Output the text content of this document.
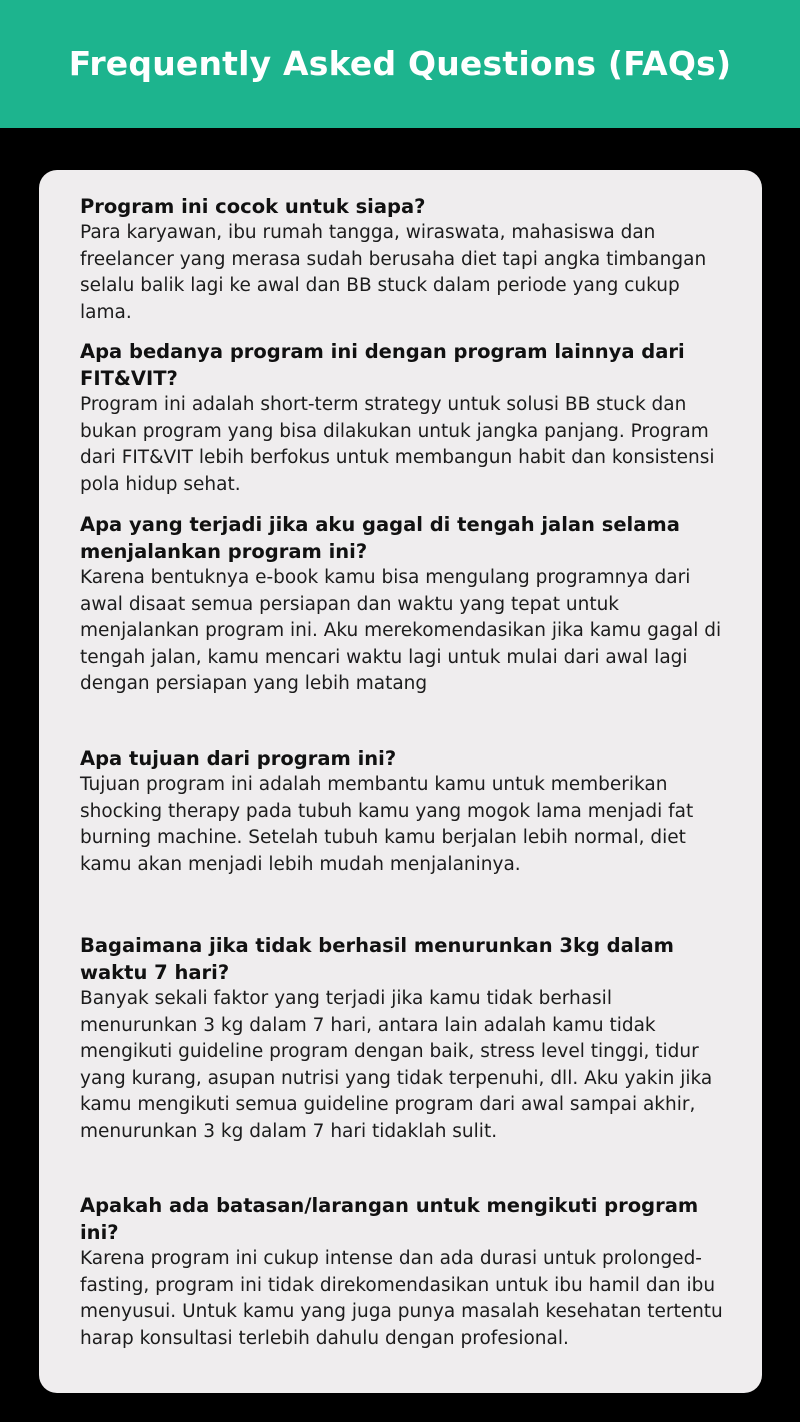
Frequently Asked Questions (FAQs)

Program ini cocok untuk siapa?

Para karyawan, ibu rumah tangga, wiraswata, mahasiswa dan freelancer yang merasa sudah berusaha diet tapi angka timbangan selalu balik lagi ke awal dan BB stuck dalam periode yang cukup lama.

Apa bedanya program ini dengan program lainnya dari FIT&VIT?

Program ini adalah short-term strategy untuk solusi BB stuck dan bukan program yang bisa dilakukan untuk jangka panjang. Program dari FIT&VIT lebih berfokus untuk membangun habit dan konsistensi pola hidup sehat.

Apa yang terjadi jika aku gagal di tengah jalan selama menjalankan program ini?

Karena bentuknya e-book kamu bisa mengulang programnya dari awal disaat semua persiapan dan waktu yang tepat untuk menjalankan program ini. Aku merekomendasikan jika kamu gagal di tengah jalan, kamu mencari waktu lagi untuk mulai dari awal lagi dengan persiapan yang lebih matang

Apa tujuan dari program ini?

Tujuan program ini adalah membantu kamu untuk memberikan shocking therapy pada tubuh kamu yang mogok lama menjadi fat burning machine. Setelah tubuh kamu berjalan lebih normal, diet kamu akan menjadi lebih mudah menjalaninya.

Bagaimana jika tidak berhasil menurunkan 3kg dalam waktu 7 hari?

Banyak sekali faktor yang terjadi jika kamu tidak berhasil menurunkan 3 kg dalam 7 hari, antara lain adalah kamu tidak mengikuti guideline program dengan baik, stress level tinggi, tidur yang kurang, asupan nutrisi yang tidak terpenuhi, dll. Aku yakin jika kamu mengikuti semua guideline program dari awal sampai akhir, menurunkan 3 kg dalam 7 hari tidaklah sulit.

Apakah ada batasan/larangan untuk mengikuti program ini?

Karena program ini cukup intense dan ada durasi untuk prolonged-fasting, program ini tidak direkomendasikan untuk ibu hamil dan ibu menyusui. Untuk kamu yang juga punya masalah kesehatan tertentu harap konsultasi terlebih dahulu dengan profesional.
